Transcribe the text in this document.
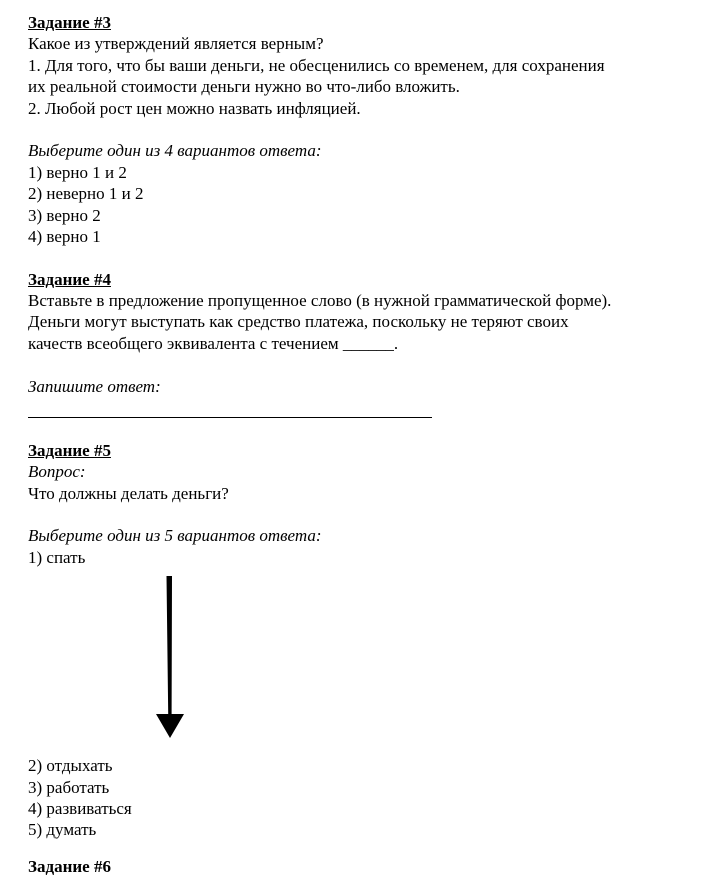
Задание #3
Какое из утверждений является верным?
1. Для того, что бы ваши деньги, не обесценились со временем, для сохранения
их реальной стоимости деньги нужно во что-либо вложить.
2. Любой рост цен можно назвать инфляцией.
Выберите один из 4 вариантов ответа:
1) верно 1 и 2
2) неверно 1 и 2
3) верно 2
4) верно 1
Задание #4
Вставьте в предложение пропущенное слово (в нужной грамматической форме).
Деньги могут выступать как средство платежа, поскольку не теряют своих
качеств всеобщего эквивалента с течением ______.
Запишите ответ:
Задание #5
Вопрос:
Что должны делать деньги?
Выберите один из 5 вариантов ответа:
1) спать
2) отдыхать
3) работать
4) развиваться
5) думать
Задание #6
